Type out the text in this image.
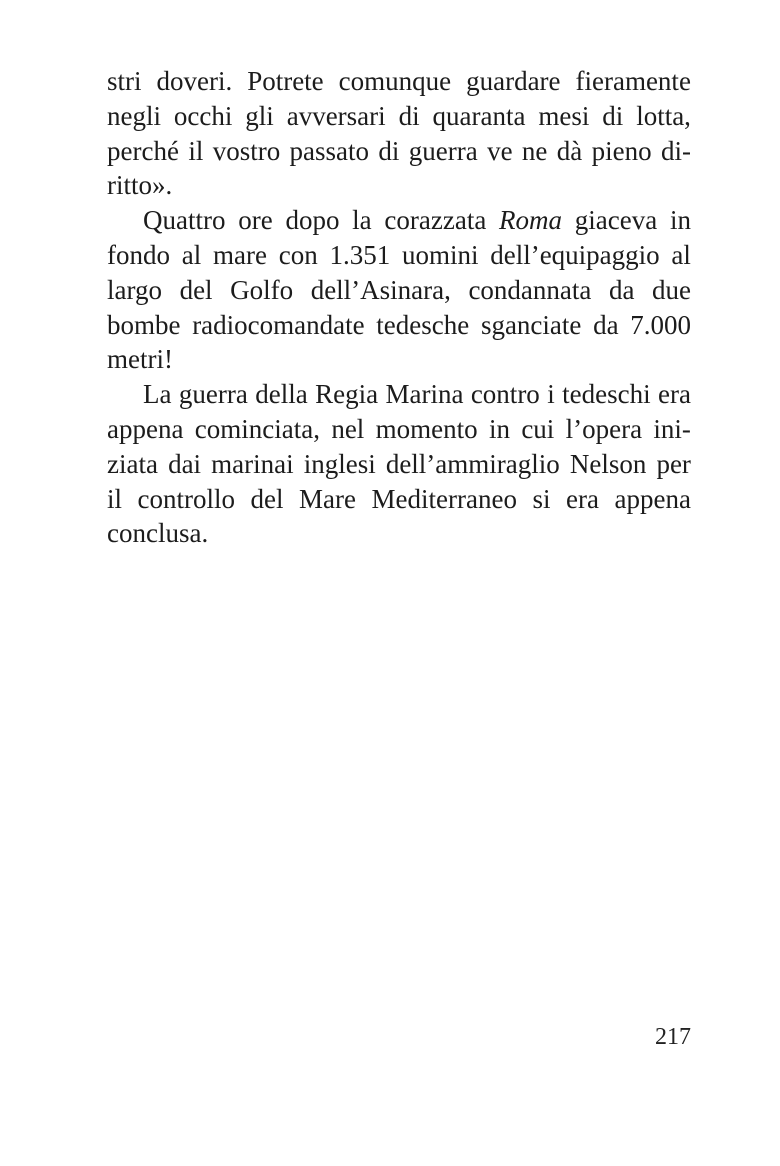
stri doveri. Potrete comunque guardare fieramente
negli occhi gli avversari di quaranta mesi di lotta,
perché il vostro passato di guerra ve ne dà pieno di-
ritto».
Quattro ore dopo la corazzata Roma giaceva in
fondo al mare con 1.351 uomini dell’equipaggio al
largo del Golfo dell’Asinara, condannata da due
bombe radiocomandate tedesche sganciate da 7.000
metri!
La guerra della Regia Marina contro i tedeschi era
appena cominciata, nel momento in cui l’opera ini-
ziata dai marinai inglesi dell’ammiraglio Nelson per
il controllo del Mare Mediterraneo si era appena
conclusa.
217
